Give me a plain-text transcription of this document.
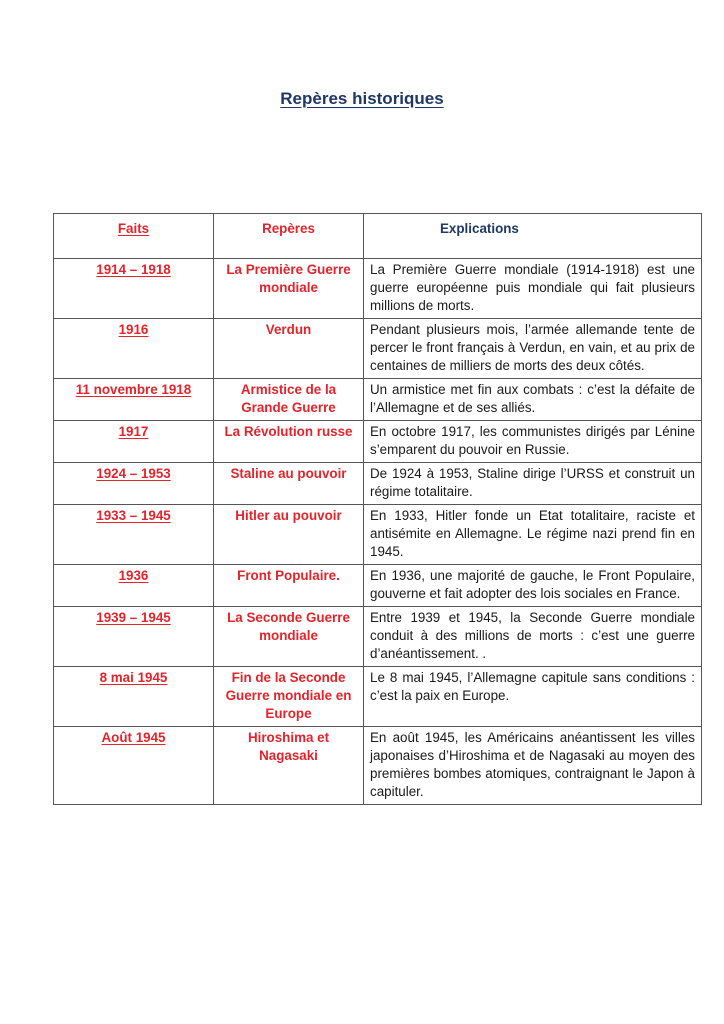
Repères historiques
Faits	Repères	Explications
1914 – 1918	La Première Guerre mondiale	La Première Guerre mondiale (1914-1918) est une guerre européenne puis mondiale qui fait plusieurs millions de morts.
1916	Verdun	Pendant plusieurs mois, l’armée allemande tente de percer le front français à Verdun, en vain, et au prix de centaines de milliers de morts des deux côtés.
11 novembre 1918	Armistice de la Grande Guerre	Un armistice met fin aux combats : c’est la défaite de l’Allemagne et de ses alliés.
1917	La Révolution russe	En octobre 1917, les communistes dirigés par Lénine s’emparent du pouvoir en Russie.
1924 – 1953	Staline au pouvoir	De 1924 à 1953, Staline dirige l’URSS et construit un régime totalitaire.
1933 – 1945	Hitler au pouvoir	En 1933, Hitler fonde un Etat totalitaire, raciste et antisémite en Allemagne. Le régime nazi prend fin en 1945.
1936	Front Populaire.	En 1936, une majorité de gauche, le Front Populaire, gouverne et fait adopter des lois sociales en France.
1939 – 1945	La Seconde Guerre mondiale	Entre 1939 et 1945, la Seconde Guerre mondiale conduit à des millions de morts : c’est une guerre d’anéantissement. .
8 mai 1945	Fin de la Seconde Guerre mondiale en Europe	Le 8 mai 1945, l’Allemagne capitule sans conditions : c’est la paix en Europe.
Août 1945	Hiroshima et Nagasaki	En août 1945, les Américains anéantissent les villes japonaises d’Hiroshima et de Nagasaki au moyen des premières bombes atomiques, contraignant le Japon à capituler.
